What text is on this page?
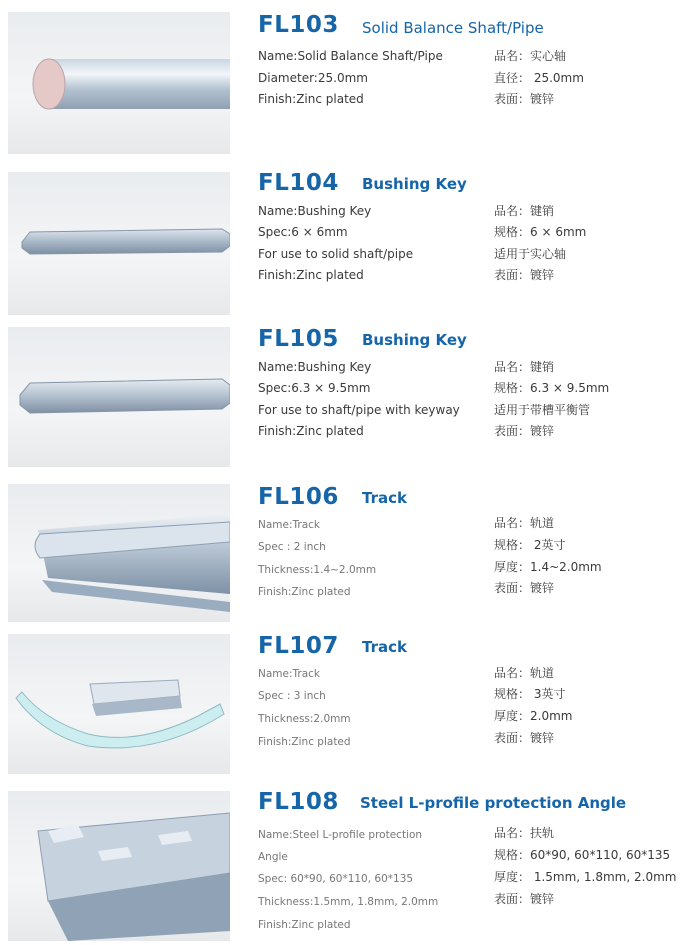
FL103 Solid Balance Shaft/Pipe
Name:Solid Balance Shaft/Pipe
Diameter:25.0mm
Finish:Zinc plated
品名：实心轴
直径： 25.0mm
表面：镀锌
FL104 Bushing Key
Name:Bushing Key
Spec:6 × 6mm
For use to solid shaft/pipe
Finish:Zinc plated
品名：键销
规格：6 × 6mm
适用于实心轴
表面：镀锌
FL105 Bushing Key
Name:Bushing Key
Spec:6.3 × 9.5mm
For use to shaft/pipe with keyway
Finish:Zinc plated
品名：键销
规格：6.3 × 9.5mm
适用于带槽平衡管
表面：镀锌
FL106 Track
Name:Track
Spec : 2 inch
Thickness:1.4~2.0mm
Finish:Zinc plated
品名：轨道
规格： 2英寸
厚度：1.4~2.0mm
表面：镀锌
FL107 Track
Name:Track
Spec : 3 inch
Thickness:2.0mm
Finish:Zinc plated
品名：轨道
规格： 3英寸
厚度：2.0mm
表面：镀锌
FL108 Steel L-profile protection Angle
Name:Steel L-profile protection
Angle
Spec: 60*90, 60*110, 60*135
Thickness:1.5mm, 1.8mm, 2.0mm
Finish:Zinc plated
品名：扶轨
规格：60*90, 60*110, 60*135
厚度： 1.5mm, 1.8mm, 2.0mm
表面：镀锌
